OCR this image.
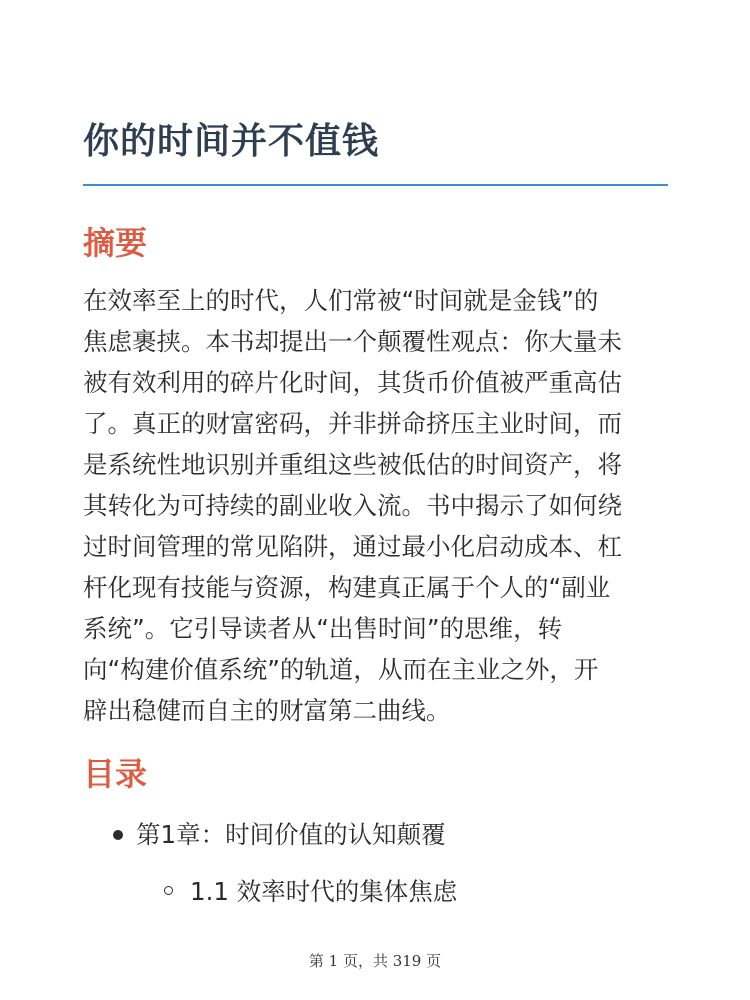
你的时间并不值钱
摘要

在效率至上的时代，人们常被“时间就是金钱”的
焦虑裹挟。本书却提出一个颠覆性观点：你大量未
被有效利用的碎片化时间，其货币价值被严重高估
了。真正的财富密码，并非拼命挤压主业时间，而
是系统性地识别并重组这些被低估的时间资产，将
其转化为可持续的副业收入流。书中揭示了如何绕
过时间管理的常见陷阱，通过最小化启动成本、杠
杆化现有技能与资源，构建真正属于个人的“副业
系统”。它引导读者从“出售时间”的思维，转
向“构建价值系统”的轨道，从而在主业之外，开
辟出稳健而自主的财富第二曲线。

目录

第1章：时间价值的认知颠覆

1.1 效率时代的集体焦虑

第 1 页，共 319 页
